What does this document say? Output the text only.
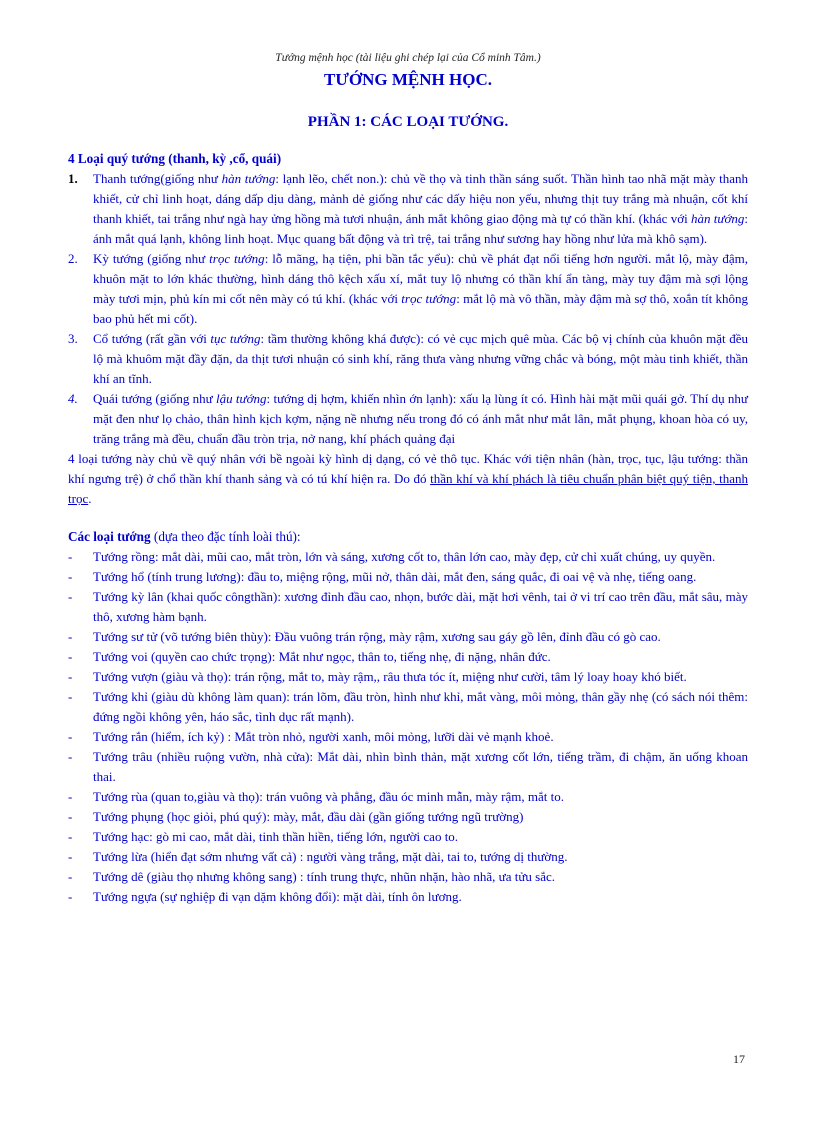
Tướng mệnh học (tài liệu ghi chép lại của Cổ minh Tâm.)
TƯỚNG MỆNH HỌC.
PHẦN 1: CÁC LOẠI TƯỚNG.
4 Loại quý tướng (thanh, kỳ ,cổ, quái)
1. Thanh tướng(giống như hàn tướng: lạnh lẽo, chết non.): chủ về thọ và tinh thần sáng suốt. Thần hình tao nhã mặt mày thanh khiết, cử chỉ linh hoạt, dáng dấp dịu dàng, mảnh dẻ giống như các dấy hiệu non yếu, nhưng thịt tuy trắng mà nhuận, cốt khí thanh khiết, tai trắng như ngà hay ửng hồng mà tươi nhuận, ánh mắt không giao động mà tự có thần khí. (khác với hàn tướng: ánh mắt quá lạnh, không linh hoạt. Mục quang bất động và trì trệ, tai trắng như sương hay hồng như lửa mà khô sạm).
2. Kỳ tướng (giống như trọc tướng: lỗ mãng, hạ tiện, phi bần tắc yểu): chủ về phát đạt nổi tiếng hơn người. mắt lộ, mày đậm, khuôn mặt to lớn khác thường, hình dáng thô kệch xấu xí, mắt tuy lộ nhưng có thần khí ẩn tàng, mày tuy đậm mà sợi lộng mày tươi mịn, phủ kín mi cốt nên mày có tú khí. (khác với trọc tướng: mắt lộ mà vô thần, mày đậm mà sợ thô, xoắn tít không bao phủ hết mi cốt).
3. Cổ tướng (rất gần với tục tướng: tầm thường không khá được): có vẻ cục mịch quê mùa. Các bộ vị chính của khuôn mặt đều lộ mà khuôm mặt đầy đặn, da thịt tươi nhuận có sinh khí, răng thưa vàng nhưng vững chắc và bóng, một màu tinh khiết, thần khí an tĩnh.
4. Quái tướng (giống như lậu tướng: tướng dị hợm, khiến nhìn ớn lạnh): xấu lạ lùng ít có. Hình hài mặt mũi quái gở. Thí dụ như mặt đen như lọ chảo, thân hình kịch kợm, nặng nề nhưng nếu trong đó có ánh mắt như mắt lân, mắt phụng, khoan hòa có uy, trăng trắng mà đều, chuẩn đầu tròn trịa, nở nang, khí phách quảng đại
4 loại tướng này chủ về quý nhân với bề ngoài kỳ hình dị dạng, có vẻ thô tục. Khác với tiện nhân (hàn, trọc, tục, lậu tướng: thần khí ngưng trệ) ở chổ thần khí thanh sảng và có tú khí hiện ra. Do đó thần khí và khí phách là tiêu chuẩn phân biệt quý tiện, thanh trọc.
Các loại tướng (dựa theo đặc tính loài thú):
- Tướng rồng: mắt dài, mũi cao, mắt tròn, lớn và sáng, xương cốt to, thân lớn cao, mày đẹp, cử chỉ xuất chúng, uy quyền.
- Tướng hổ (tính trung lương): đầu to, miệng rộng, mũi nở, thân dài, mắt đen, sáng quắc, đi oai vệ và nhẹ, tiếng oang.
- Tướng kỳ lân (khai quốc côngthần): xương đỉnh đầu cao, nhọn, bước dài, mặt hơi vênh, tai ở vi trí cao trên đầu, mắt sâu, mày thô, xương hàm bạnh.
- Tướng sư tử (võ tướng biên thùy): Đầu vuông trán rộng, mày rậm, xương sau gáy gồ lên, đỉnh đầu có gò cao.
- Tướng voi (quyền cao chức trọng): Mắt như ngọc, thân to, tiếng nhẹ, đi nặng, nhân đức.
- Tướng vượn (giàu và thọ): trán rộng, mắt to, mày rậm,, râu thưa tóc ít, miệng như cười, tâm lý loay hoay khó biết.
- Tướng khỉ (giàu dù không làm quan): trán lõm, đầu tròn, hình như khỉ, mắt vàng, môi mỏng, thân gầy nhẹ (có sách nói thêm: đứng ngồi không yên, háo sắc, tình dục rất mạnh).
- Tướng rắn (hiểm, ích kỷ) : Mắt tròn nhỏ, người xanh, môi mỏng, lưỡi dài vẻ mạnh khoẻ.
- Tướng trâu (nhiều ruộng vườn, nhà cửa): Mắt dài, nhìn bình thản, mặt xương cốt lớn, tiếng trầm, đi chậm, ăn uống khoan thai.
- Tướng rùa (quan to,giàu và thọ): trán vuông và phẳng, đầu óc minh mẫn, mày rậm, mắt to.
- Tướng phụng (học giỏi, phú quý): mày, mắt, đầu dài (gần giống tướng ngũ trường)
- Tướng hạc: gò mi cao, mắt dài, tinh thần hiền, tiếng lớn, người cao to.
- Tướng lừa (hiển đạt sớm nhưng vất cả) : người vàng trắng, mặt dài, tai to, tướng dị thường.
- Tướng dê (giàu thọ nhưng không sang) : tính trung thực, nhũn nhặn, hào nhã, ưa tửu sắc.
- Tướng ngựa (sự nghiệp đi vạn dặm không đổi): mặt dài, tính ôn lương.
17
